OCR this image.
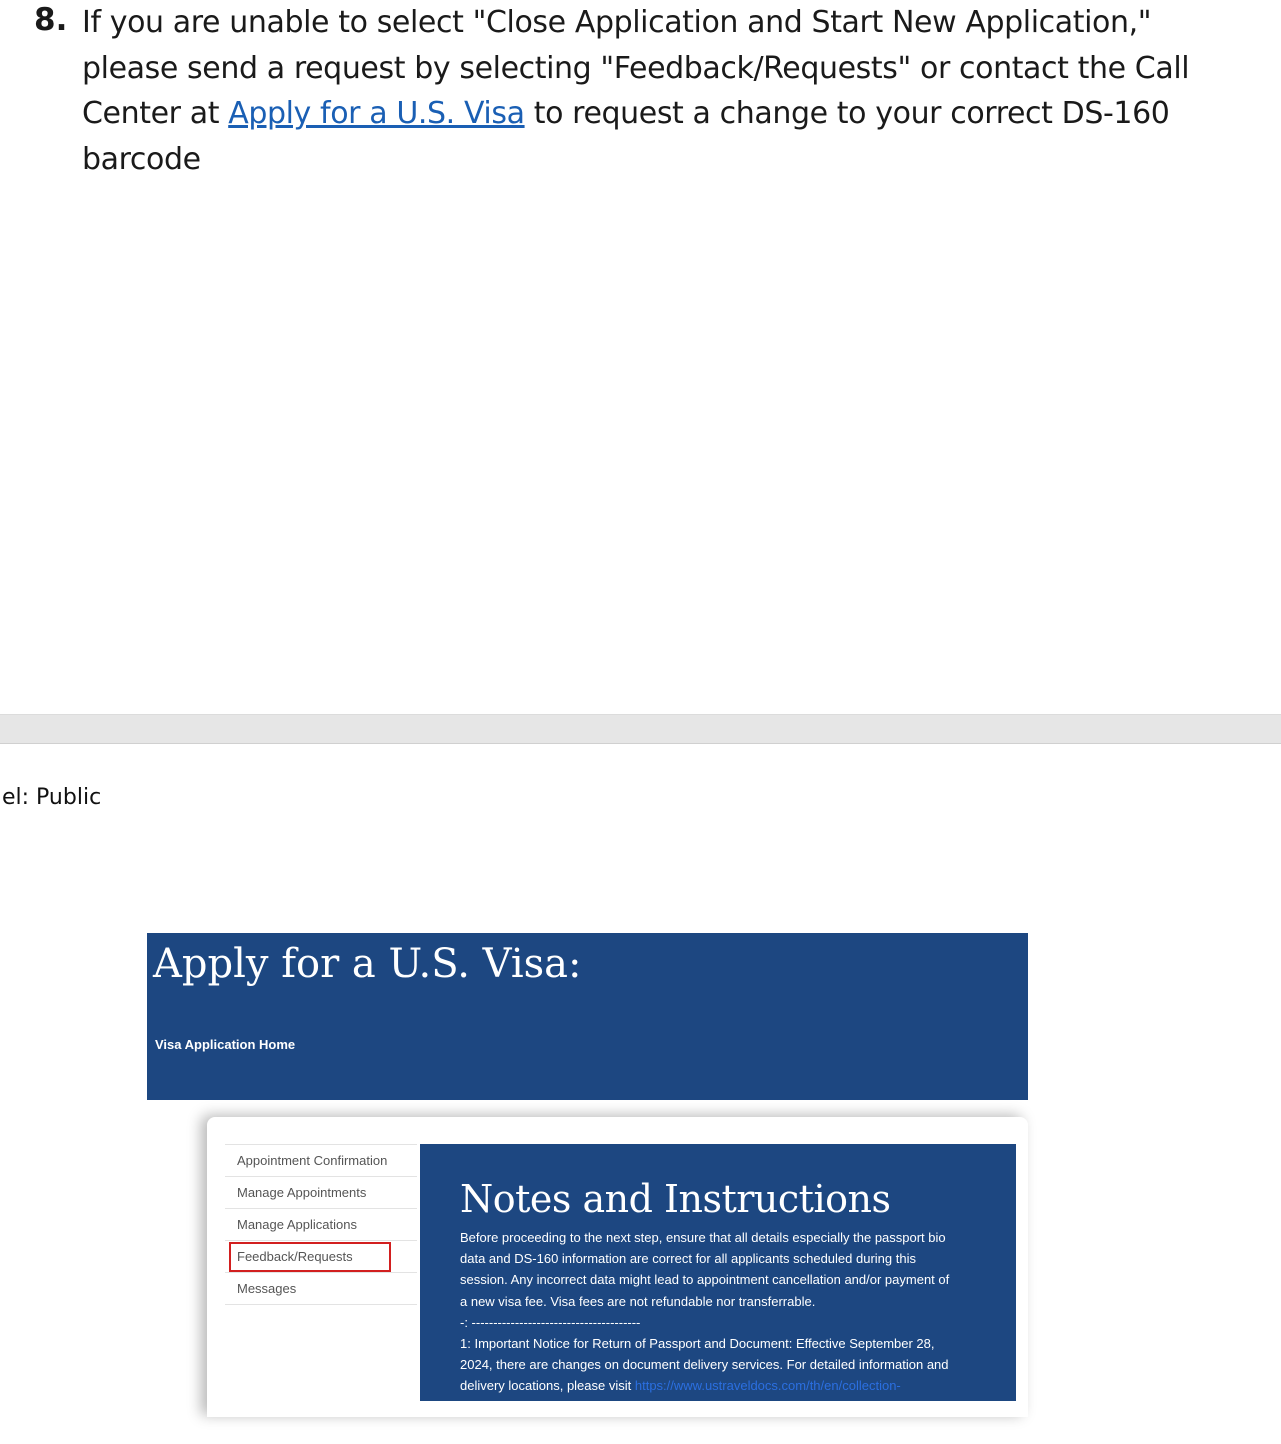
8. If you are unable to select "Close Application and Start New Application," please send a request by selecting "Feedback/Requests" or contact the Call Center at Apply for a U.S. Visa to request a change to your correct DS-160 barcode
el: Public
Apply for a U.S. Visa:
Visa Application Home
Appointment Confirmation
Manage Appointments
Manage Applications
Feedback/Requests
Messages
Notes and Instructions

Before proceeding to the next step, ensure that all details especially the passport bio data and DS-160 information are correct for all applicants scheduled during this session. Any incorrect data might lead to appointment cancellation and/or payment of a new visa fee. Visa fees are not refundable nor transferrable.

-: ---------------------------------------

1: Important Notice for Return of Passport and Document: Effective September 28, 2024, there are changes on document delivery services. For detailed information and delivery locations, please visit https://www.ustraveldocs.com/th/en/collection-
